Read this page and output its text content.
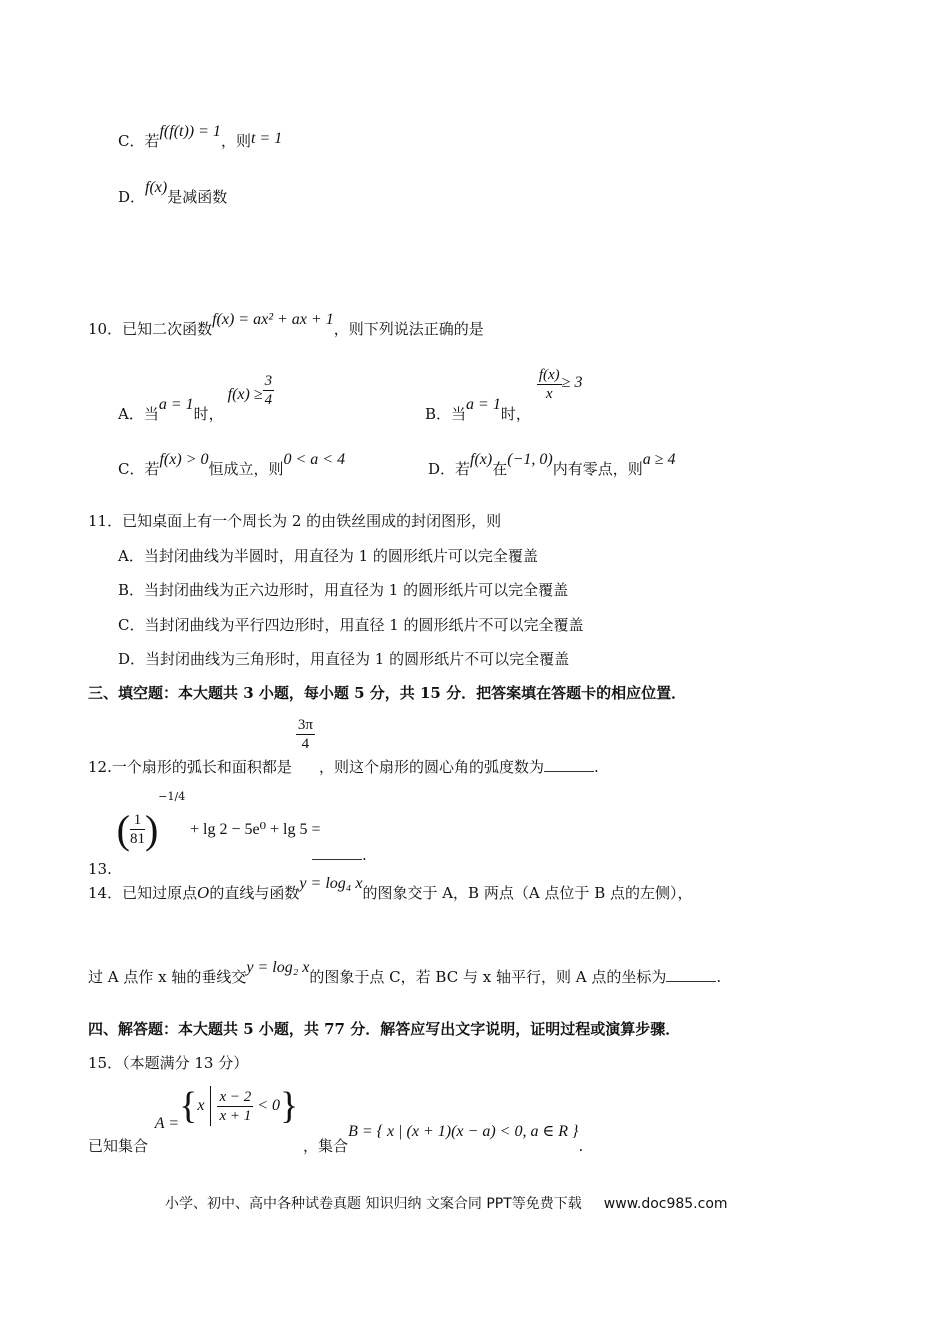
C．若f(f(t)) = 1，则t = 1
D．f(x)是减函数
10．已知二次函数f(x) = ax² + ax + 1，则下列说法正确的是
A．当a = 1时，$f(x) \ge \frac{3}{4}$
B．当a = 1时，
$\frac{f(x)}{x} \ge 3$
C．若f(x) > 0恒成立，则0 < a < 4
D．若f(x)在(−1, 0)内有零点，则a ≥ 4
11．已知桌面上有一个周长为 2 的由铁丝围成的封闭图形，则
A．当封闭曲线为半圆时，用直径为 1 的圆形纸片可以完全覆盖
B．当封闭曲线为正六边形时，用直径为 1 的圆形纸片可以完全覆盖
C．当封闭曲线为平行四边形时，用直径 1 的圆形纸片不可以完全覆盖
D．当封闭曲线为三角形时，用直径为 1 的圆形纸片不可以完全覆盖
三、填空题：本大题共 3 小题，每小题 5 分，共 15 分．把答案填在答题卡的相应位置．
12.一个扇形的弧长和面积都是
$\frac{3\pi}{4}$
，则这个扇形的圆心角的弧度数为	.
13. ( $\frac{1}{81} )^{-1/4} + \lg 2 - 5e^0 + \lg 5$ =
.
14．已知过原点O的直线与函数y = log₄ x的图象交于 A，B 两点（A 点位于 B 点的左侧），
过 A 点作 x 轴的垂线交y = log₂ x的图象于点 C，若 BC 与 x 轴平行，则 A 点的坐标为	.
四、解答题：本大题共 5 小题，共 77 分．解答应写出文字说明，证明过程或演算步骤．
15．（本题满分 13 分）
已知集合 $A =\{x \frac{x - 2}{x + 1} < 0\}$ ，集合B = { x | (x + 1)(x − a) < 0, a ∈ R }.
小学、初中、高中各种试卷真题 知识归纳 文案合同 PPT等免费下载 www.doc985.com
